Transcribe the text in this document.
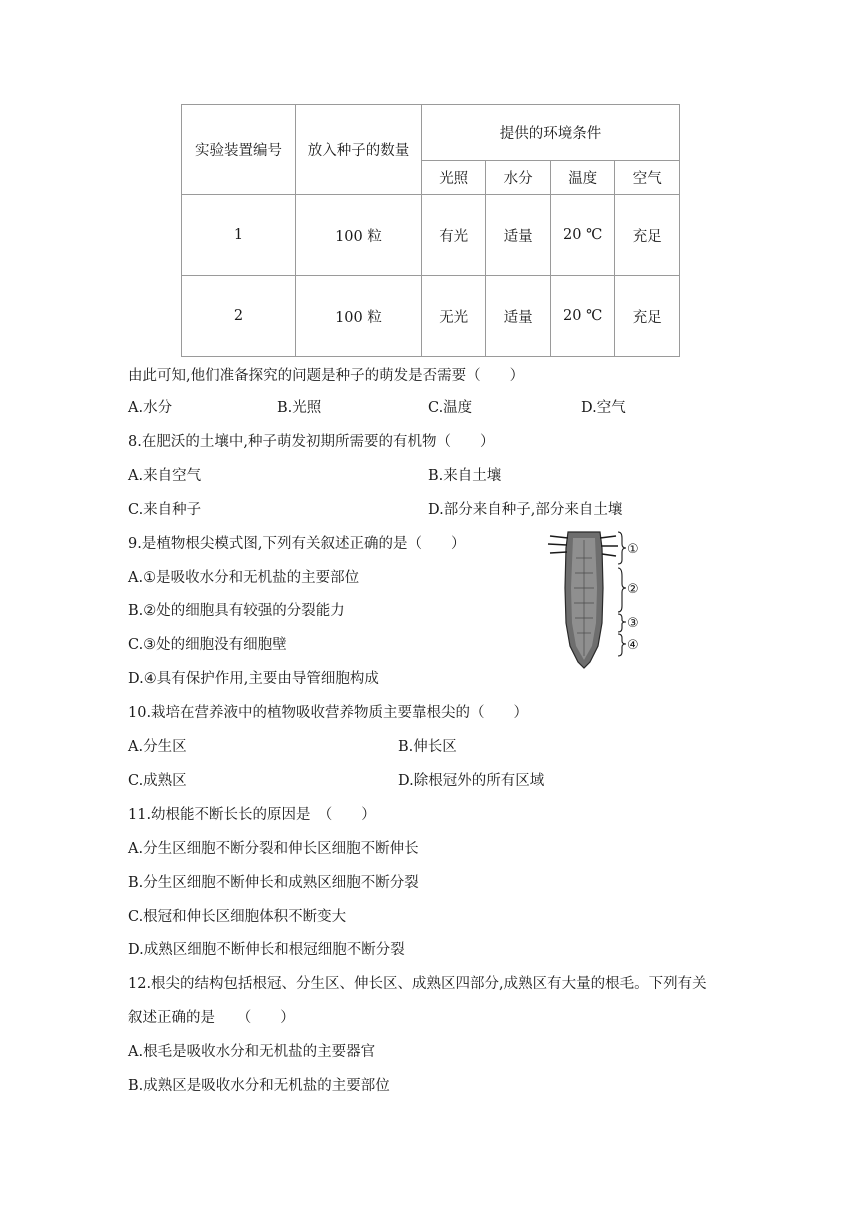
实验装置编号	放入种子的数量	提供的环境条件			
		光照	水分	温度	空气
1	100 粒	有光	适量	20 ℃	充足
2	100 粒	无光	适量	20 ℃	充足
由此可知,他们准备探究的问题是种子的萌发是否需要（　　）
A.水分	B.光照	C.温度	D.空气
8.在肥沃的土壤中,种子萌发初期所需要的有机物（　　）
A.来自空气	B.来自土壤
C.来自种子	D.部分来自种子,部分来自土壤
9.是植物根尖模式图,下列有关叙述正确的是（　　）
A.①是吸收水分和无机盐的主要部位
B.②处的细胞具有较强的分裂能力
C.③处的细胞没有细胞壁
D.④具有保护作用,主要由导管细胞构成
①
②
③
④
10.栽培在营养液中的植物吸收营养物质主要靠根尖的（　　）
A.分生区	B.伸长区
C.成熟区	D.除根冠外的所有区域
11.幼根能不断长长的原因是　（　　）
A.分生区细胞不断分裂和伸长区细胞不断伸长
B.分生区细胞不断伸长和成熟区细胞不断分裂
C.根冠和伸长区细胞体积不断变大
D.成熟区细胞不断伸长和根冠细胞不断分裂
12.根尖的结构包括根冠、分生区、伸长区、成熟区四部分,成熟区有大量的根毛。下列有关
叙述正确的是　　（　　）
A.根毛是吸收水分和无机盐的主要器官
B.成熟区是吸收水分和无机盐的主要部位
